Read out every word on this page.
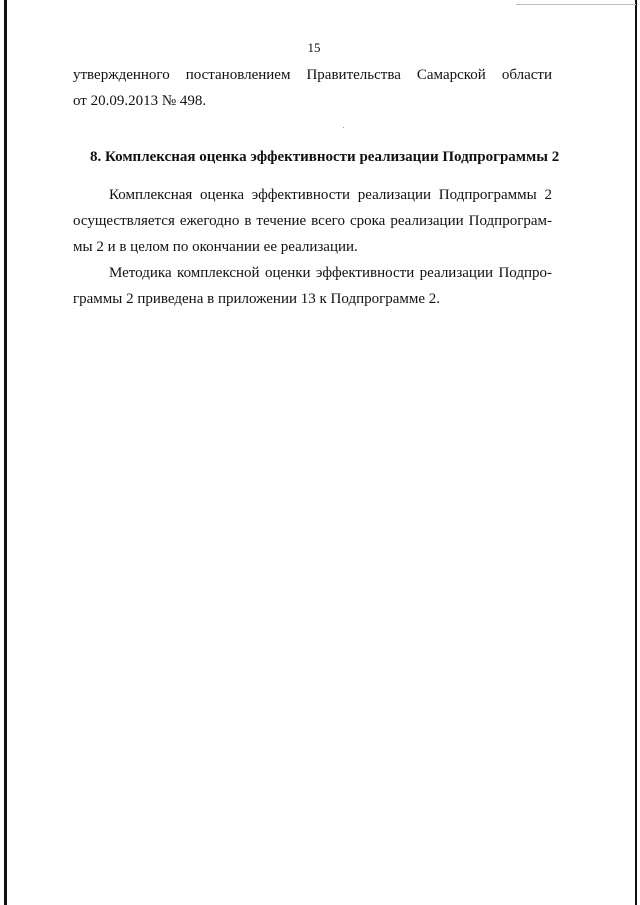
15

утвержденного постановлением Правительства Самарской области

от 20.09.2013 № 498.

8. Комплексная оценка эффективности реализации Подпрограммы 2

Комплексная оценка эффективности реализации Подпрограммы 2

осуществляется ежегодно в течение всего срока реализации Подпрограм-

мы 2 и в целом по окончании ее реализации.

Методика комплексной оценки эффективности реализации Подпро-

граммы 2 приведена в приложении 13 к Подпрограмме 2.
